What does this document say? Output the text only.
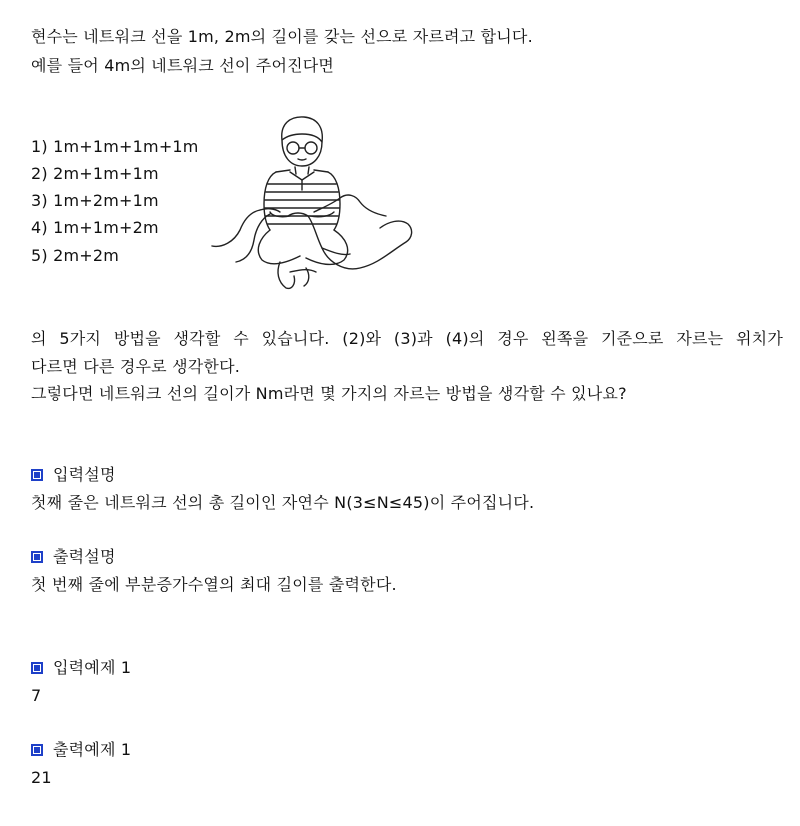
현수는 네트워크 선을 1m, 2m의 길이를 갖는 선으로 자르려고 합니다.
예를 들어 4m의 네트워크 선이 주어진다면
1) 1m+1m+1m+1m
2) 2m+1m+1m
3) 1m+2m+1m
4) 1m+1m+2m
5) 2m+2m
의 5가지 방법을 생각할 수 있습니다. (2)와 (3)과 (4)의 경우 왼쪽을 기준으로 자르는 위치가
다르면 다른 경우로 생각한다.
그렇다면 네트워크 선의 길이가 Nm라면 몇 가지의 자르는 방법을 생각할 수 있나요?
입력설명
첫째 줄은 네트워크 선의 총 길이인 자연수 N(3≤N≤45)이 주어집니다.
출력설명
첫 번째 줄에 부분증가수열의 최대 길이를 출력한다.
입력예제 1
7
출력예제 1
21
